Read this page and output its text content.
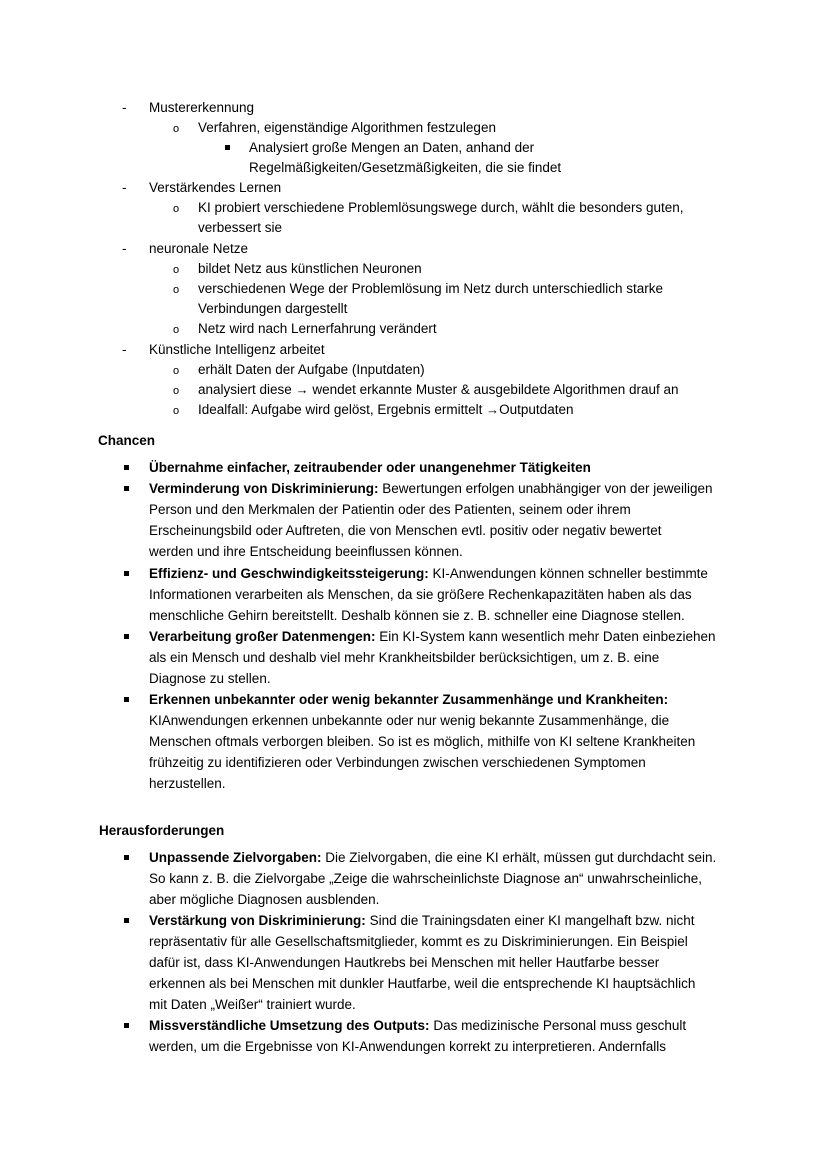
- Mustererkennung
o Verfahren, eigenständige Algorithmen festzulegen
Analysiert große Mengen an Daten, anhand der
Regelmäßigkeiten/Gesetzmäßigkeiten, die sie findet
- Verstärkendes Lernen
o KI probiert verschiedene Problemlösungswege durch, wählt die besonders guten,
verbessert sie
- neuronale Netze
o bildet Netz aus künstlichen Neuronen
o verschiedenen Wege der Problemlösung im Netz durch unterschiedlich starke
Verbindungen dargestellt
o Netz wird nach Lernerfahrung verändert
- Künstliche Intelligenz arbeitet
o erhält Daten der Aufgabe (Inputdaten)
o analysiert diese → wendet erkannte Muster & ausgebildete Algorithmen drauf an
o Idealfall: Aufgabe wird gelöst, Ergebnis ermittelt →Outputdaten
Chancen
Übernahme einfacher, zeitraubender oder unangenehmer Tätigkeiten
Verminderung von Diskriminierung: Bewertungen erfolgen unabhängiger von der jeweiligen
Person und den Merkmalen der Patientin oder des Patienten, seinem oder ihrem
Erscheinungsbild oder Auftreten, die von Menschen evtl. positiv oder negativ bewertet
werden und ihre Entscheidung beeinflussen können.
Effizienz- und Geschwindigkeitssteigerung: KI-Anwendungen können schneller bestimmte
Informationen verarbeiten als Menschen, da sie größere Rechenkapazitäten haben als das
menschliche Gehirn bereitstellt. Deshalb können sie z. B. schneller eine Diagnose stellen.
Verarbeitung großer Datenmengen: Ein KI-System kann wesentlich mehr Daten einbeziehen
als ein Mensch und deshalb viel mehr Krankheitsbilder berücksichtigen, um z. B. eine
Diagnose zu stellen.
Erkennen unbekannter oder wenig bekannter Zusammenhänge und Krankheiten:
KIAnwendungen erkennen unbekannte oder nur wenig bekannte Zusammenhänge, die
Menschen oftmals verborgen bleiben. So ist es möglich, mithilfe von KI seltene Krankheiten
frühzeitig zu identifizieren oder Verbindungen zwischen verschiedenen Symptomen
herzustellen.
Herausforderungen
Unpassende Zielvorgaben: Die Zielvorgaben, die eine KI erhält, müssen gut durchdacht sein.
So kann z. B. die Zielvorgabe „Zeige die wahrscheinlichste Diagnose an“ unwahrscheinliche,
aber mögliche Diagnosen ausblenden.
Verstärkung von Diskriminierung: Sind die Trainingsdaten einer KI mangelhaft bzw. nicht
repräsentativ für alle Gesellschaftsmitglieder, kommt es zu Diskriminierungen. Ein Beispiel
dafür ist, dass KI-Anwendungen Hautkrebs bei Menschen mit heller Hautfarbe besser
erkennen als bei Menschen mit dunkler Hautfarbe, weil die entsprechende KI hauptsächlich
mit Daten „Weißer“ trainiert wurde.
Missverständliche Umsetzung des Outputs: Das medizinische Personal muss geschult
werden, um die Ergebnisse von KI-Anwendungen korrekt zu interpretieren. Andernfalls
